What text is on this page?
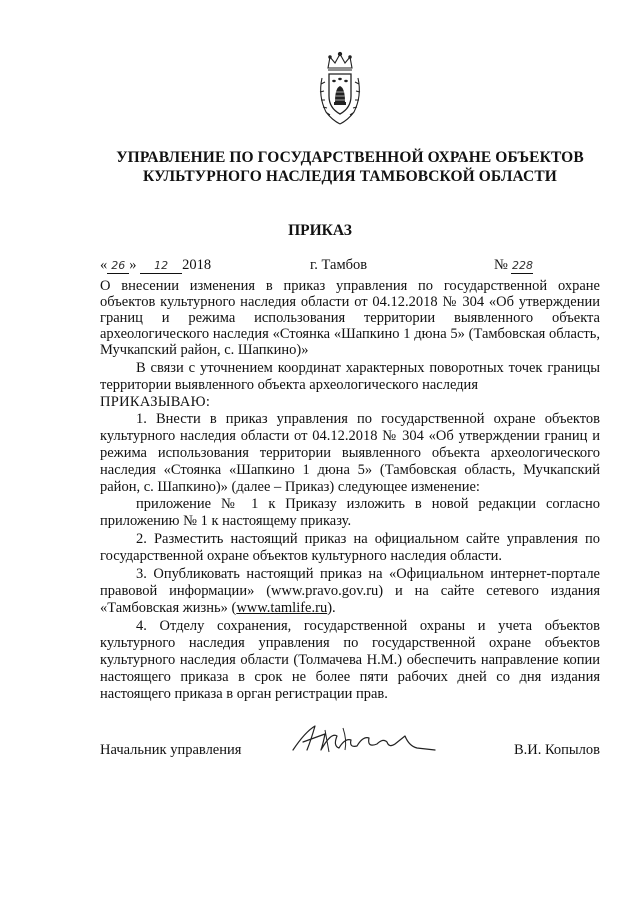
УПРАВЛЕНИЕ ПО ГОСУДАРСТВЕННОЙ ОХРАНЕ ОБЪЕКТОВ КУЛЬТУРНОГО НАСЛЕДИЯ ТАМБОВСКОЙ ОБЛАСТИ
ПРИКАЗ
« 26 » 12 2018	г. Тамбов	№ 228

О внесении изменения в приказ управления по государственной охране объектов культурного наследия области от 04.12.2018 № 304 «Об утверждении границ и режима использования территории выявленного объекта археологического наследия «Стоянка «Шапкино 1 дюна 5» (Тамбовская область, Мучкапский район, с. Шапкино)»

В связи с уточнением координат характерных поворотных точек границы территории выявленного объекта археологического наследия

ПРИКАЗЫВАЮ:

1. Внести в приказ управления по государственной охране объектов культурного наследия области от 04.12.2018 № 304 «Об утверждении границ и режима использования территории выявленного объекта археологического наследия «Стоянка «Шапкино 1 дюна 5» (Тамбовская область, Мучкапский район, с. Шапкино)» (далее – Приказ) следующее изменение:

приложение № 1 к Приказу изложить в новой редакции согласно приложению № 1 к настоящему приказу.

2. Разместить настоящий приказ на официальном сайте управления по государственной охране объектов культурного наследия области.

3. Опубликовать настоящий приказ на «Официальном интернет-портале правовой информации» (www.pravo.gov.ru) и на сайте сетевого издания «Тамбовская жизнь» (www.tamlife.ru).

4. Отделу сохранения, государственной охраны и учета объектов культурного наследия управления по государственной охране объектов культурного наследия области (Толмачева Н.М.) обеспечить направление копии настоящего приказа в срок не более пяти рабочих дней со дня издания настоящего приказа в орган регистрации прав.

Начальник управления	В.И. Копылов
